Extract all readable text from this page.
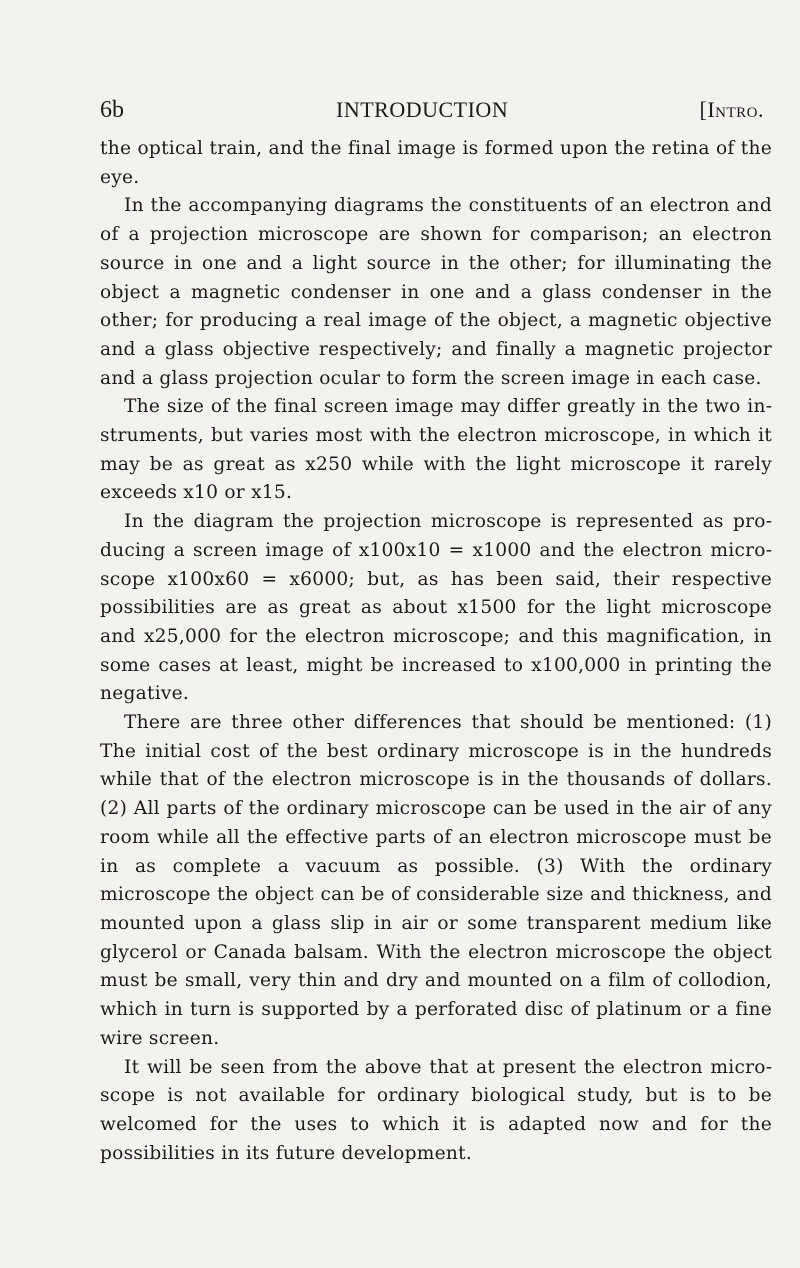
6b	INTRODUCTION	[Intro.

the optical train, and the final image is formed upon the retina of the eye.

In the accompanying diagrams the constituents of an electron and of a projection microscope are shown for comparison; an electron source in one and a light source in the other; for illuminating the object a magnetic condenser in one and a glass condenser in the other; for producing a real image of the object, a magnetic objective and a glass objective respectively; and finally a magnetic projector and a glass projection ocular to form the screen image in each case.

The size of the final screen image may differ greatly in the two instruments, but varies most with the electron microscope, in which it may be as great as x250 while with the light microscope it rarely exceeds x10 or x15.

In the diagram the projection microscope is represented as producing a screen image of x100x10 = x1000 and the electron microscope x100x60 = x6000; but, as has been said, their respective possibilities are as great as about x1500 for the light microscope and x25,000 for the electron microscope; and this magnification, in some cases at least, might be increased to x100,000 in printing the negative.

There are three other differences that should be mentioned: (1) The initial cost of the best ordinary microscope is in the hundreds while that of the electron microscope is in the thousands of dollars. (2) All parts of the ordinary microscope can be used in the air of any room while all the effective parts of an electron microscope must be in as complete a vacuum as possible. (3) With the ordinary microscope the object can be of considerable size and thickness, and mounted upon a glass slip in air or some transparent medium like glycerol or Canada balsam. With the electron microscope the object must be small, very thin and dry and mounted on a film of collodion, which in turn is supported by a perforated disc of platinum or a fine wire screen.

It will be seen from the above that at present the electron microscope is not available for ordinary biological study, but is to be welcomed for the uses to which it is adapted now and for the possibilities in its future development.
